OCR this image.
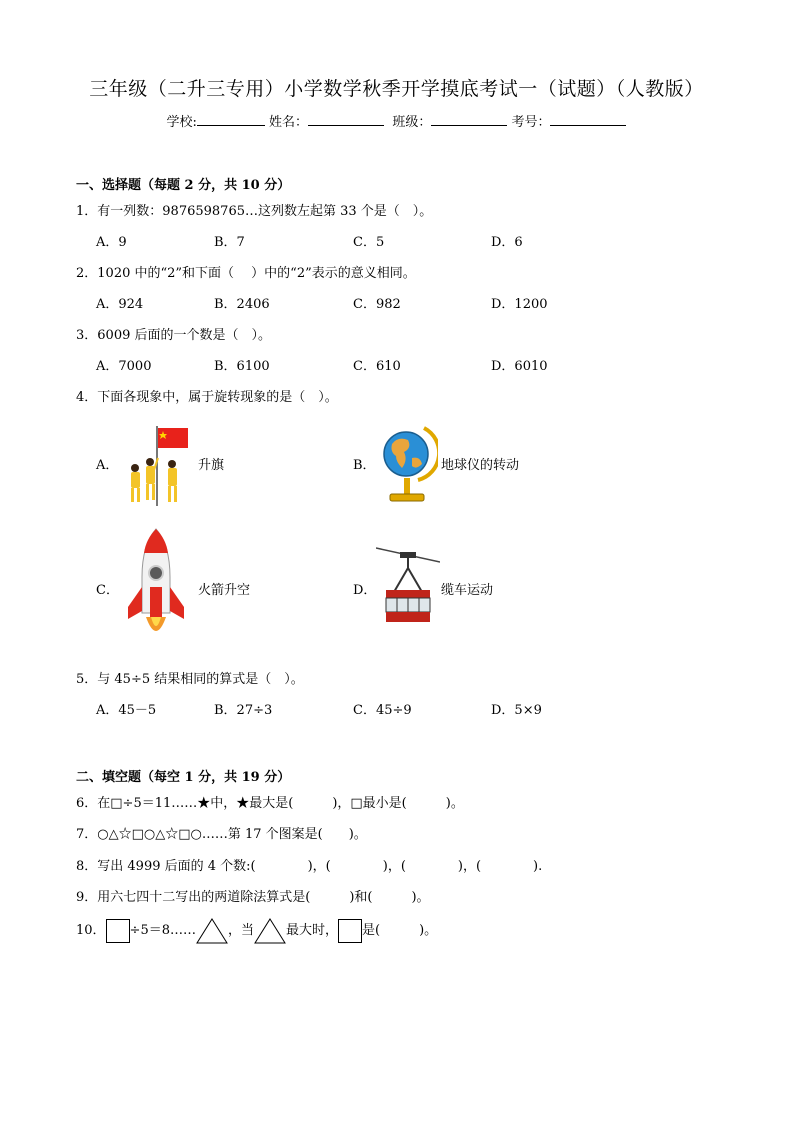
三年级（二升三专用）小学数学秋季开学摸底考试一（试题）（人教版）
学校:	姓名：	班级：	考号：
一、选择题（每题 2 分，共 10 分）
1．有一列数：9876598765…这列数左起第 33 个是（　）。
A．9	B．7	C．5	D．6
2．1020 中的“2”和下面（　 ）中的“2”表示的意义相同。
A．924	B．2406	C．982	D．1200
3．6009 后面的一个数是（　）。
A．7000	B．6100	C．610	D．6010
4．下面各现象中，属于旋转现象的是（　）。
A．	升旗	B．	地球仪的转动
C．	火箭升空	D．	缆车运动
5．与 45÷5 结果相同的算式是（　）。
A．45－5	B．27÷3	C．45÷9	D．5×9
二、填空题（每空 1 分，共 19 分）
6．在□÷5＝11……★中，★最大是(　　　)，□最小是(　　　)。
7．○△☆□○△☆□○……第 17 个图案是(　　)。
8．写出 4999 后面的 4 个数:(　　　　)，(　　　　)，(　　　　)，(　　　　).
9．用六七四十二写出的两道除法算式是(　　　)和(　　　)。
10． ÷5＝8…… ，当 最大时， 是(　　　)。
